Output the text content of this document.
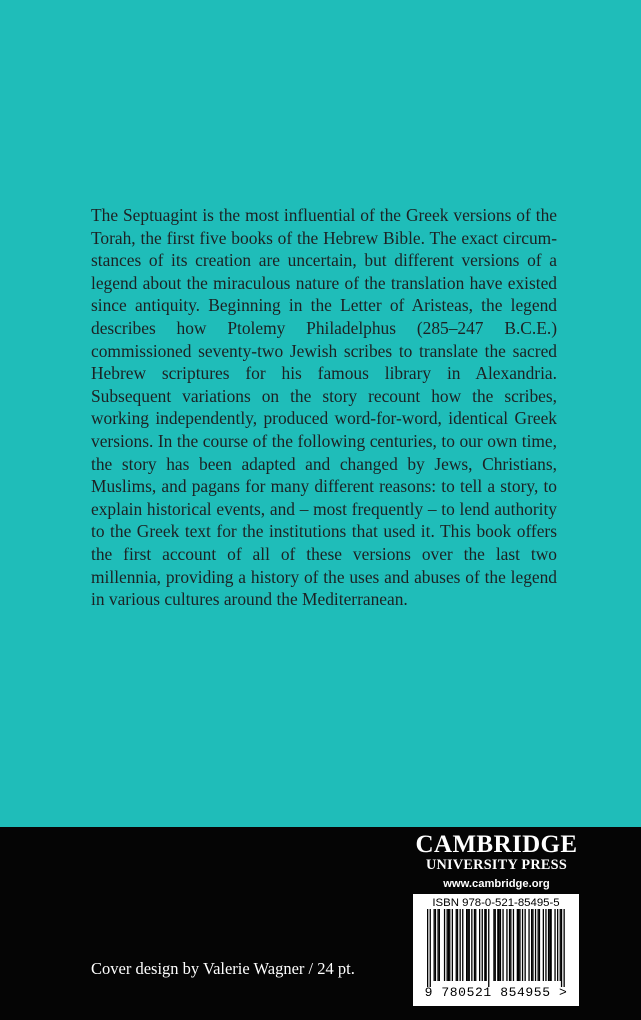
The Septuagint is the most influential of the Greek versions of the Torah, the first five books of the Hebrew Bible. The exact circumstances of its creation are uncertain, but different versions of a legend about the miraculous nature of the translation have existed since antiquity. Beginning in the Letter of Aristeas, the legend describes how Ptolemy Philadelphus (285–247 B.C.E.) commissioned seventy-two Jewish scribes to translate the sacred Hebrew scriptures for his famous library in Alexandria. Subsequent variations on the story recount how the scribes, working independently, produced word-for-word, identical Greek versions. In the course of the following centuries, to our own time, the story has been adapted and changed by Jews, Christians, Muslims, and pagans for many different reasons: to tell a story, to explain historical events, and – most frequently – to lend authority to the Greek text for the institutions that used it. This book offers the first account of all of these versions over the last two millennia, providing a history of the uses and abuses of the legend in various cultures around the Mediterranean.

Cover design by Valerie Wagner / 24 pt.
CAMBRIDGE
UNIVERSITY PRESS
www.cambridge.org
ISBN 978-0-521-85495-5
9 780521 854955 >
